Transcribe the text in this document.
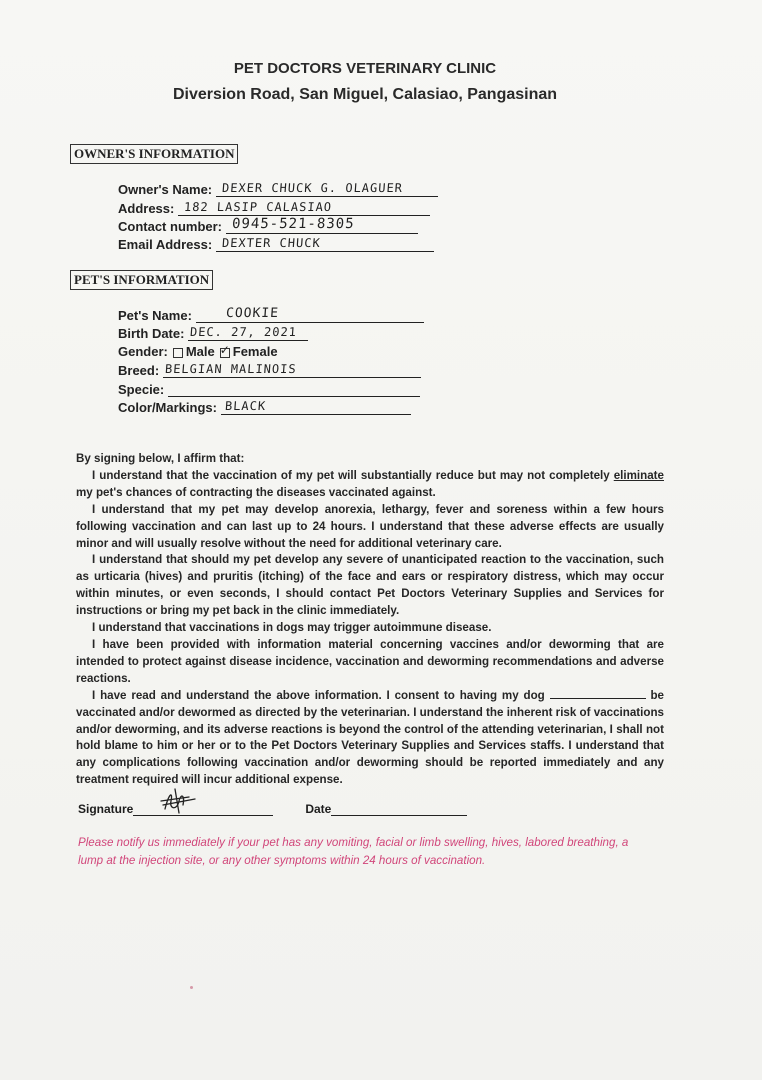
PET DOCTORS VETERINARY CLINIC
Diversion Road, San Miguel, Calasiao, Pangasinan
OWNER'S INFORMATION
Owner's Name: DEXER CHUCK G. OLAGUER
Address: 182 LASIP CALASIAO
Contact number: 0945-521-8305
Email Address: DEXTER CHUCK
PET'S INFORMATION
Pet's Name:	COOKIE
Birth Date: DEC. 27, 2021
Gender: Male
✓ Female
Breed: BELGIAN MALINOIS
Specie:
Color/Markings: BLACK

By signing below, I affirm that:

I understand that the vaccination of my pet will substantially reduce but may not completely eliminate my pet's chances of contracting the diseases vaccinated against.

I understand that my pet may develop anorexia, lethargy, fever and soreness within a few hours following vaccination and can last up to 24 hours. I understand that these adverse effects are usually minor and will usually resolve without the need for additional veterinary care.

I understand that should my pet develop any severe of unanticipated reaction to the vaccination, such as urticaria (hives) and pruritis (itching) of the face and ears or respiratory distress, which may occur within minutes, or even seconds, I should contact Pet Doctors Veterinary Supplies and Services for instructions or bring my pet back in the clinic immediately.

I understand that vaccinations in dogs may trigger autoimmune disease.

I have been provided with information material concerning vaccines and/or deworming that are intended to protect against disease incidence, vaccination and deworming recommendations and adverse reactions.

I have read and understand the above information. I consent to having my dog	be vaccinated and/or dewormed as directed by the veterinarian. I understand the inherent risk of vaccinations and/or deworming, and its adverse reactions is beyond the control of the attending veterinarian, I shall not hold blame to him or her or to the Pet Doctors Veterinary Supplies and Services staffs. I understand that any complications following vaccination and/or deworming should be reported immediately and any treatment required will incur additional expense.

Signature	Date
Please notify us immediately if your pet has any vomiting, facial or limb swelling, hives, labored breathing, a lump at the injection site, or any other symptoms within 24 hours of vaccination.
